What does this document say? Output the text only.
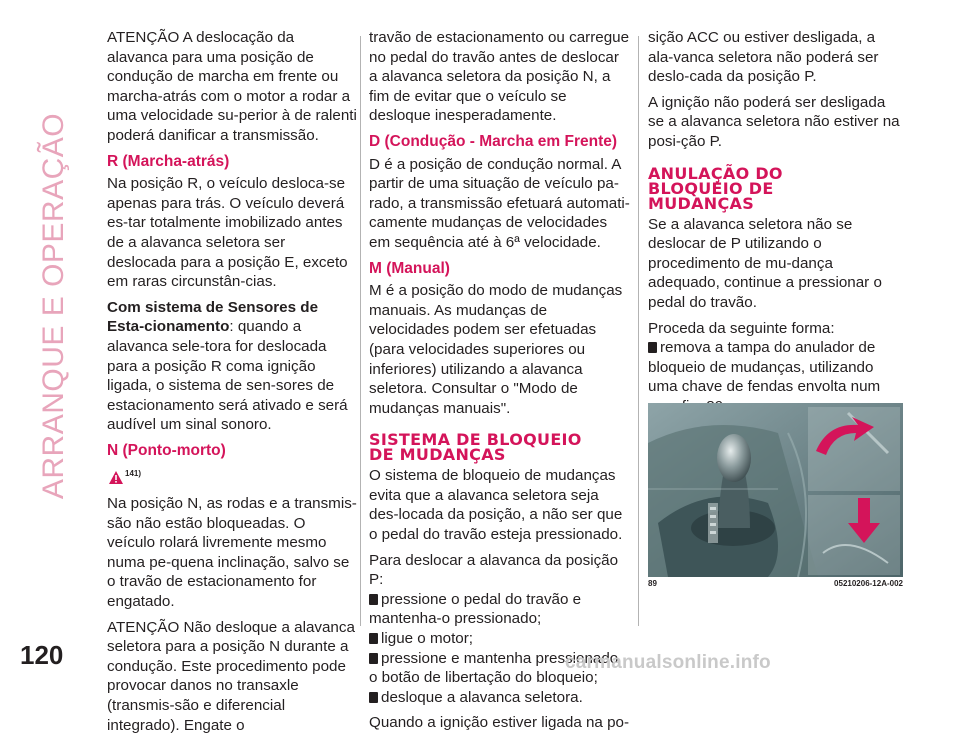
ARRANQUE E OPERAÇÃO
120

ATENÇÃO A deslocação da alavanca para uma posição de condução de marcha em frente ou marcha-atrás com o motor a rodar a uma velocidade su-perior à de ralenti poderá danificar a transmissão.

R (Marcha-atrás)

Na posição R, o veículo desloca-se apenas para trás. O veículo deverá es-tar totalmente imobilizado antes de a alavanca seletora ser deslocada para a posição E, exceto em raras circunstân-cias.

Com sistema de Sensores de Esta-cionamento: quando a alavanca sele-tora for deslocada para a posição R coma ignição ligada, o sistema de sen-sores de estacionamento será ativado e será audível um sinal sonoro.

N (Ponto-morto)
141)

Na posição N, as rodas e a transmis-são não estão bloqueadas. O veículo rolará livremente mesmo numa pe-quena inclinação, salvo se o travão de estacionamento for engatado.

ATENÇÃO Não desloque a alavanca seletora para a posição N durante a condução. Este procedimento pode provocar danos no transaxle (transmis-são e diferencial integrado). Engate o

travão de estacionamento ou carregue no pedal do travão antes de deslocar a alavanca seletora da posição N, a fim de evitar que o veículo se desloque inesperadamente.

D (Condução - Marcha em Frente)

D é a posição de condução normal. A partir de uma situação de veículo pa-rado, a transmissão efetuará automati-camente mudanças de velocidades em sequência até à 6ª velocidade.

M (Manual)

M é a posição do modo de mudanças manuais. As mudanças de velocidades podem ser efetuadas (para velocidades superiores ou inferiores) utilizando a alavanca seletora. Consultar o "Modo de mudanças manuais".

SISTEMA DE BLOQUEIO
DE MUDANÇAS

O sistema de bloqueio de mudanças evita que a alavanca seletora seja des-locada da posição, a não ser que o pedal do travão esteja pressionado.

Para deslocar a alavanca da posição P:

pressione o pedal do travão e mantenha-o pressionado;
ligue o motor;
pressione e mantenha pressionado o botão de libertação do bloqueio;
desloque a alavanca seletora.

Quando a ignição estiver ligada na po-

sição ACC ou estiver desligada, a ala-vanca seletora não poderá ser deslo-cada da posição P.

A ignição não poderá ser desligada se a alavanca seletora não estiver na posi-ção P.

ANULAÇÃO DO
BLOQUEIO DE
MUDANÇAS

Se a alavanca seletora não se deslocar de P utilizando o procedimento de mu-dança adequado, continue a pressionar o pedal do travão.

Proceda da seguinte forma:

remova a tampa do anulador de bloqueio de mudanças, utilizando uma chave de fendas envolta num
89	05210206-12A-002
carmanualsonline.info
